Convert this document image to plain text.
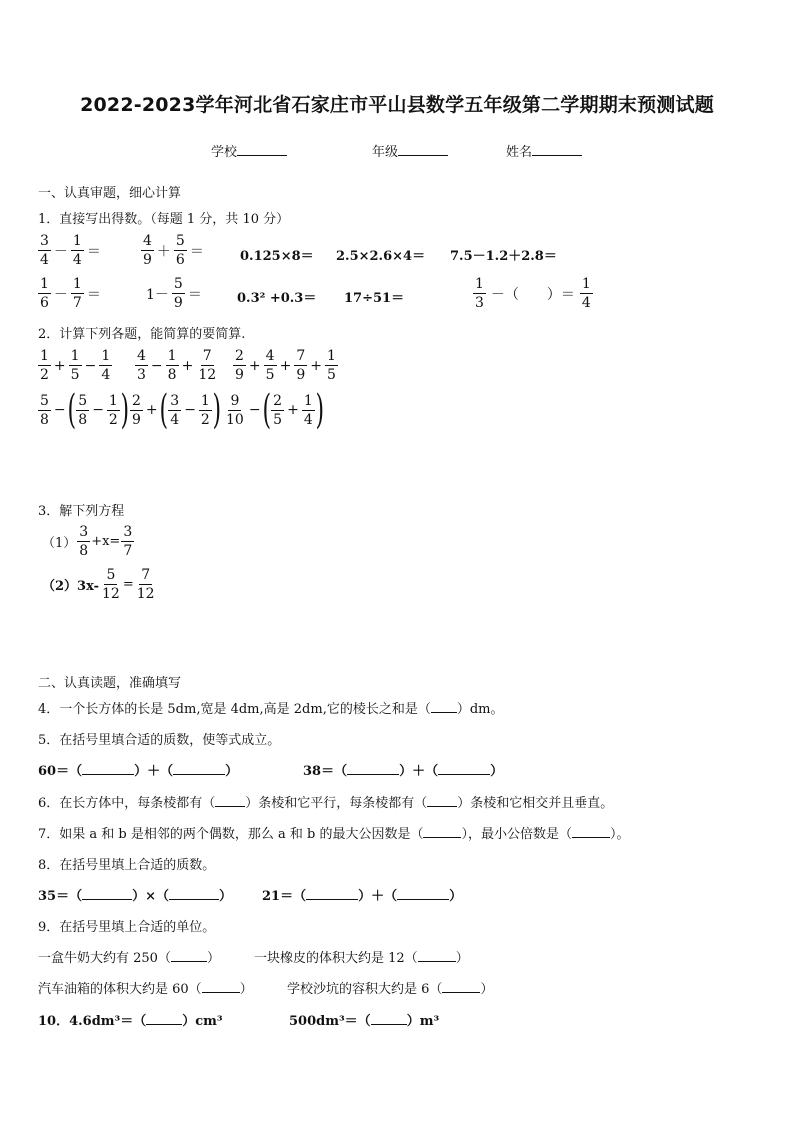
2022-2023学年河北省石家庄市平山县数学五年级第二学期期末预测试题
学校	年级	姓名
一、认真审题，细心计算
1．直接写出得数。（每题 1 分，共 10 分）
$\frac{3}{4} - \frac{1}{4}$ ＝	$\frac{4}{9} + \frac{5}{6}$ ＝	0.125×8＝ 2.5×2.6×4＝ 7.5－1.2＋2.8＝
$\frac{1}{6} - \frac{1}{7}$ ＝	$1- \frac{5}{9}$ ＝	0.3² +0.3＝ 17÷51＝	$\frac{1}{3}$ －（　　）＝ $\frac{1}{4}$
2．计算下列各题，能简算的要简算.
$\frac{1}{2} + \frac{1}{5} - \frac{1}{4} \frac{4}{3} - \frac{1}{8} + \frac{7}{12} \frac{2}{9} + \frac{4}{5} + \frac{7}{9} + \frac{1}{5}$
$\frac{5}{8}$ − ( $\frac{5}{8} - \frac{1}{2}$ ) $\frac{2}{9}$ + ( $\frac{3}{4} - \frac{1}{2}$ ) $\frac{9}{10}$ − ( $\frac{2}{5} + \frac{1}{4}$ )
3．解下列方程
$(1) \frac{3}{8} +x= \frac{3}{7}$
$(2)3x- \frac{5}{12} = \frac{7}{12}$
二、认真读题，准确填写
4．一个长方体的长是 5dm,宽是 4dm,高是 2dm,它的棱长之和是（ ）dm。
5．在括号里填合适的质数，使等式成立。
60＝（	）＋（	）	38＝（	）＋（	）
6．在长方体中，每条棱都有（ ）条棱和它平行，每条棱都有（ ）条棱和它相交并且垂直。
7．如果 a 和 b 是相邻的两个偶数，那么 a 和 b 的最大公因数是（	），最小公倍数是（	）。
8．在括号里填上合适的质数。
35＝（	）×（	） 21＝（	）＋（	）
9．在括号里填上合适的单位。
一盒牛奶大约有 250（	）	一块橡皮的体积大约是 12（	）
汽车油箱的体积大约是 60（	）	学校沙坑的容积大约是 6（	）
10．4.6dm³＝（	）cm³	500dm³＝（	）m³
